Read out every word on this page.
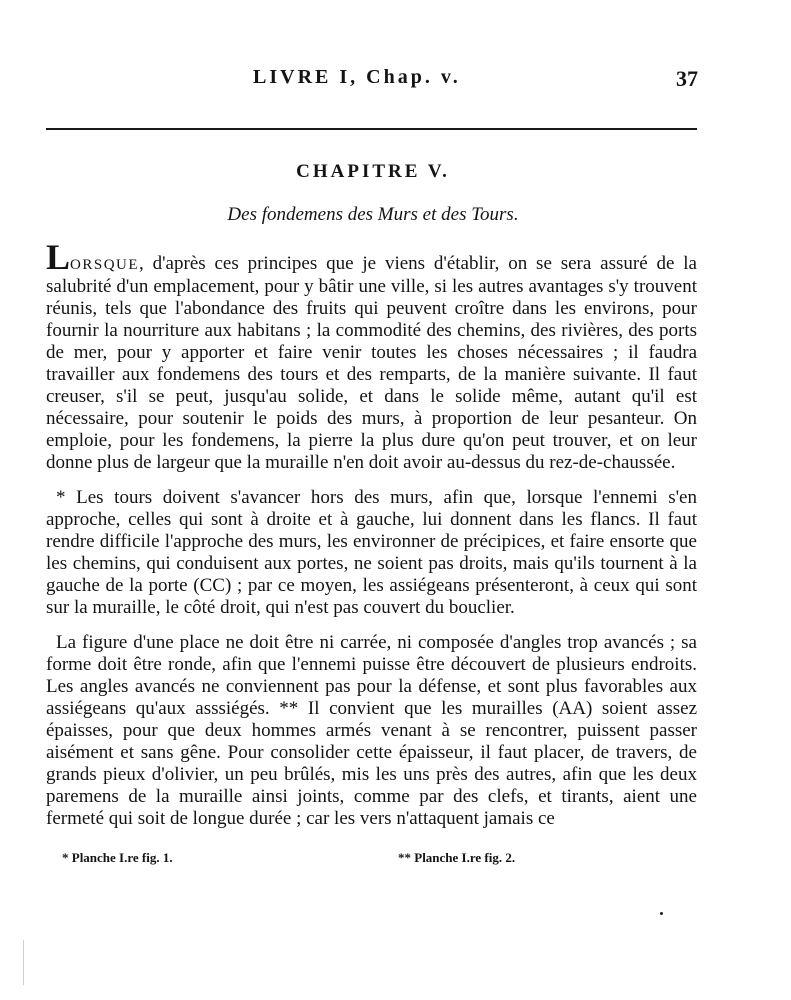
LIVRE I, Chap. v.	37
CHAPITRE V.
Des fondemens des Murs et des Tours.

LORSQUE, d'après ces principes que je viens d'établir, on se sera assuré de la salubrité d'un emplacement, pour y bâtir une ville, si les autres avantages s'y trouvent réunis, tels que l'abondance des fruits qui peuvent croître dans les environs, pour fournir la nourriture aux habitans ; la commodité des chemins, des rivières, des ports de mer, pour y apporter et faire venir toutes les choses nécessaires ; il faudra travailler aux fondemens des tours et des remparts, de la manière suivante. Il faut creuser, s'il se peut, jusqu'au solide, et dans le solide même, autant qu'il est nécessaire, pour soutenir le poids des murs, à proportion de leur pesanteur. On emploie, pour les fondemens, la pierre la plus dure qu'on peut trouver, et on leur donne plus de largeur que la muraille n'en doit avoir au-dessus du rez-de-chaussée.

* Les tours doivent s'avancer hors des murs, afin que, lorsque l'ennemi s'en approche, celles qui sont à droite et à gauche, lui donnent dans les flancs. Il faut rendre difficile l'approche des murs, les environner de précipices, et faire ensorte que les chemins, qui conduisent aux portes, ne soient pas droits, mais qu'ils tournent à la gauche de la porte (CC) ; par ce moyen, les assiégeans présenteront, à ceux qui sont sur la muraille, le côté droit, qui n'est pas couvert du bouclier.

La figure d'une place ne doit être ni carrée, ni composée d'angles trop avancés ; sa forme doit être ronde, afin que l'ennemi puisse être découvert de plusieurs endroits. Les angles avancés ne conviennent pas pour la défense, et sont plus favorables aux assiégeans qu'aux asssiégés. ** Il convient que les murailles (AA) soient assez épaisses, pour que deux hommes armés venant à se rencontrer, puissent passer aisément et sans gêne. Pour consolider cette épaisseur, il faut placer, de travers, de grands pieux d'olivier, un peu brûlés, mis les uns près des autres, afin que les deux paremens de la muraille ainsi joints, comme par des clefs, et tirants, aient une fermeté qui soit de longue durée ; car les vers n'attaquent jamais ce

* Planche I.re fig. 1.	** Planche I.re fig. 2.
